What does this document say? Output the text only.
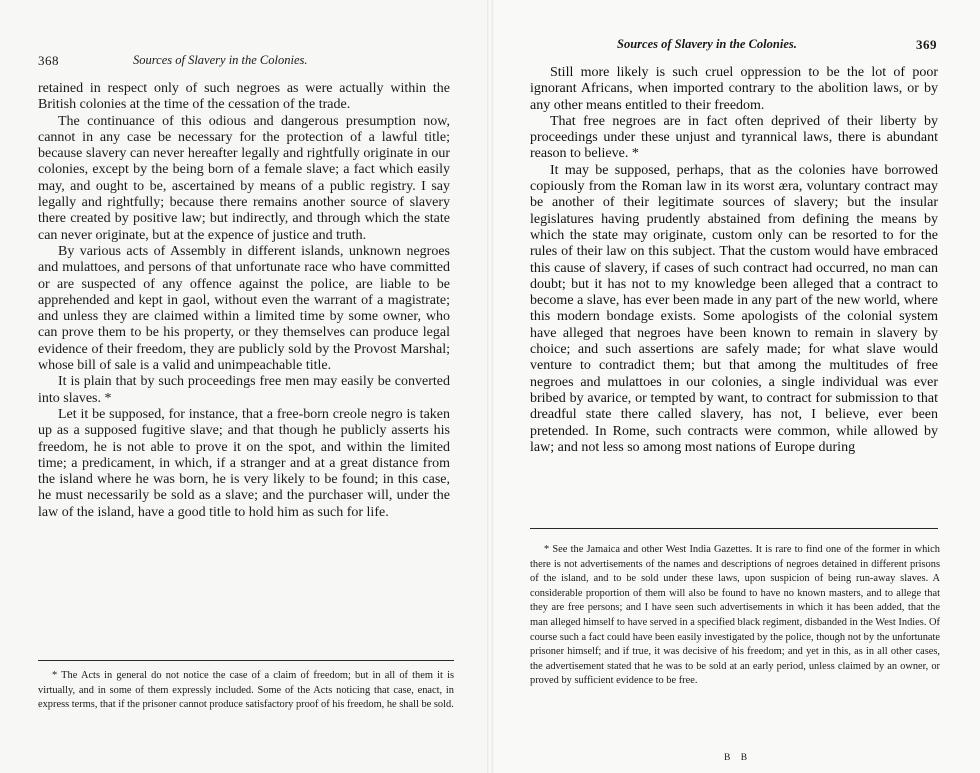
368	Sources of Slavery in the Colonies.

retained in respect only of such negroes as were actually within the British colonies at the time of the cessation of the trade.

The continuance of this odious and dangerous presumption now, cannot in any case be necessary for the protection of a lawful title; because slavery can never hereafter legally and rightfully originate in our colonies, except by the being born of a female slave; a fact which easily may, and ought to be, ascertained by means of a public registry. I say legally and rightfully; because there remains another source of slavery there created by positive law; but indirectly, and through which the state can never originate, but at the expence of justice and truth.

By various acts of Assembly in different islands, unknown negroes and mulattoes, and persons of that unfortunate race who have committed or are suspected of any offence against the police, are liable to be apprehended and kept in gaol, without even the warrant of a magistrate; and unless they are claimed within a limited time by some owner, who can prove them to be his property, or they themselves can produce legal evidence of their freedom, they are publicly sold by the Provost Marshal; whose bill of sale is a valid and unimpeachable title.

It is plain that by such proceedings free men may easily be converted into slaves. *

Let it be supposed, for instance, that a free-born creole negro is taken up as a supposed fugitive slave; and that though he publicly asserts his freedom, he is not able to prove it on the spot, and within the limited time; a predicament, in which, if a stranger and at a great distance from the island where he was born, he is very likely to be found; in this case, he must necessarily be sold as a slave; and the purchaser will, under the law of the island, have a good title to hold him as such for life.

* The Acts in general do not notice the case of a claim of freedom; but in all of them it is virtually, and in some of them expressly included. Some of the Acts noticing that case, enact, in express terms, that if the prisoner cannot produce satisfactory proof of his freedom, he shall be sold.

Sources of Slavery in the Colonies.	369

Still more likely is such cruel oppression to be the lot of poor ignorant Africans, when imported contrary to the abolition laws, or by any other means entitled to their freedom.

That free negroes are in fact often deprived of their liberty by proceedings under these unjust and tyrannical laws, there is abundant reason to believe. *

It may be supposed, perhaps, that as the colonies have borrowed copiously from the Roman law in its worst æra, voluntary contract may be another of their legitimate sources of slavery; but the insular legislatures having prudently abstained from defining the means by which the state may originate, custom only can be resorted to for the rules of their law on this subject. That the custom would have embraced this cause of slavery, if cases of such contract had occurred, no man can doubt; but it has not to my knowledge been alleged that a contract to become a slave, has ever been made in any part of the new world, where this modern bondage exists. Some apologists of the colonial system have alleged that negroes have been known to remain in slavery by choice; and such assertions are safely made; for what slave would venture to contradict them; but that among the multitudes of free negroes and mulattoes in our colonies, a single individual was ever bribed by avarice, or tempted by want, to contract for submission to that dreadful state there called slavery, has not, I believe, ever been pretended. In Rome, such contracts were common, while allowed by law; and not less so among most nations of Europe during

* See the Jamaica and other West India Gazettes. It is rare to find one of the former in which there is not advertisements of the names and descriptions of negroes detained in different prisons of the island, and to be sold under these laws, upon suspicion of being run-away slaves. A considerable proportion of them will also be found to have no known masters, and to allege that they are free persons; and I have seen such advertisements in which it has been added, that the man alleged himself to have served in a specified black regiment, disbanded in the West Indies. Of course such a fact could have been easily investigated by the police, though not by the unfortunate prisoner himself; and if true, it was decisive of his freedom; and yet in this, as in all other cases, the advertisement stated that he was to be sold at an early period, unless claimed by an owner, or proved by sufficient evidence to be free.

B B
